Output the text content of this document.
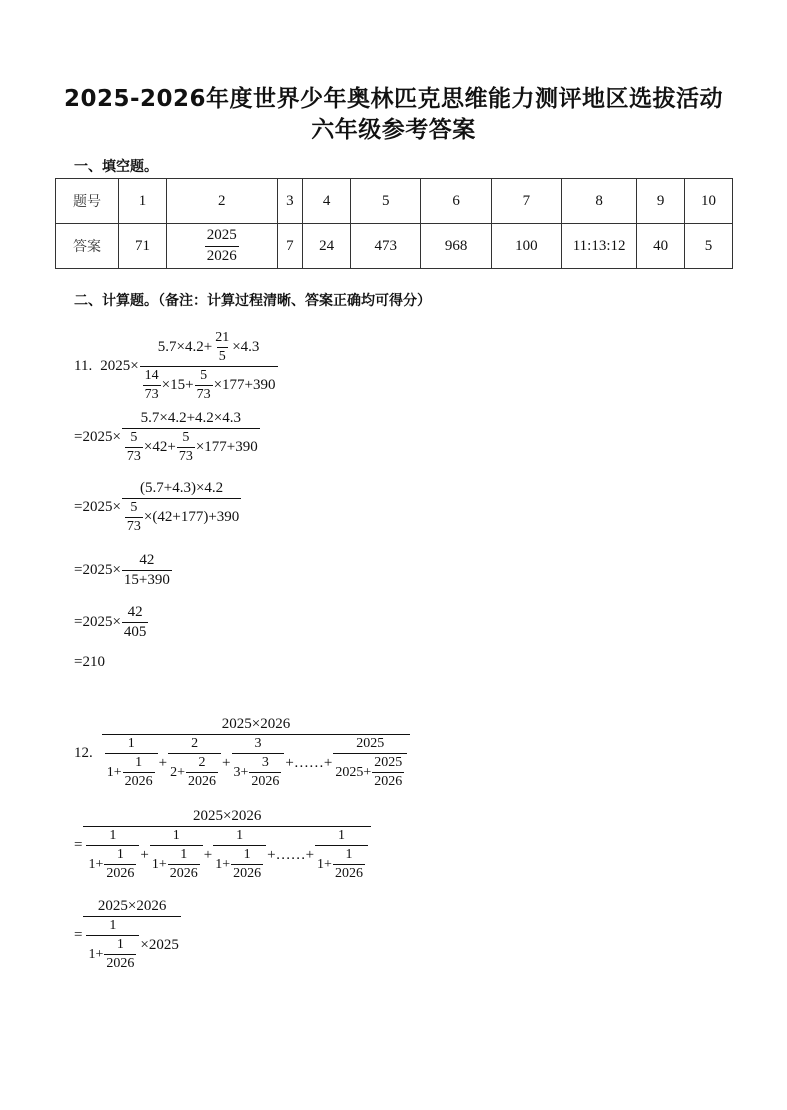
2025-2026年度世界少年奥林匹克思维能力测评地区选拔活动
六年级参考答案
一、填空题。
题号	1	2	3	4	5	6	7	8	9	10
答案	71	$\frac{2025}{2026}$	7	24	473	968	100	11:13:12	40	5
二、计算题。（备注：计算过程清晰、答案正确均可得分）
11. $2025\times \frac{5.7\times 4.2+ \frac{21}{5} \times 4.3}{\frac{14}{73} \times 15+ \frac{5}{73} \times 177+390}$
$=2025\times \frac{5.7\times 4.2+4.2\times 4.3}{\frac{5}{73} \times 42+ \frac{5}{73} \times 177+390}$
$=2025\times \frac{(5.7+4.3)\times 4.2}{\frac{5}{73} \times(42+177)+390}$
$=2025\times \frac{42}{15+390}$
$=2025\times \frac{42}{405}$
=210
12.
2025×2026
$\frac{1}{1+ \frac{1}{2026}} + \frac{2}{2+ \frac{2}{2026}} + \frac{3}{3+ \frac{3}{2026}}$ +……+ $\frac{2025}{2025+ \frac{2025}{2026}}$
=
2025×2026
$\frac{1}{1+ \frac{1}{2026}} + \frac{1}{1+ \frac{1}{2026}} + \frac{1}{1+ \frac{1}{2026}}$ +……+ $\frac{1}{1+ \frac{1}{2026}}$
= $\frac{2025\times 2026}{\frac{1}{1+ \frac{1}{2026}} \times 2025}$
